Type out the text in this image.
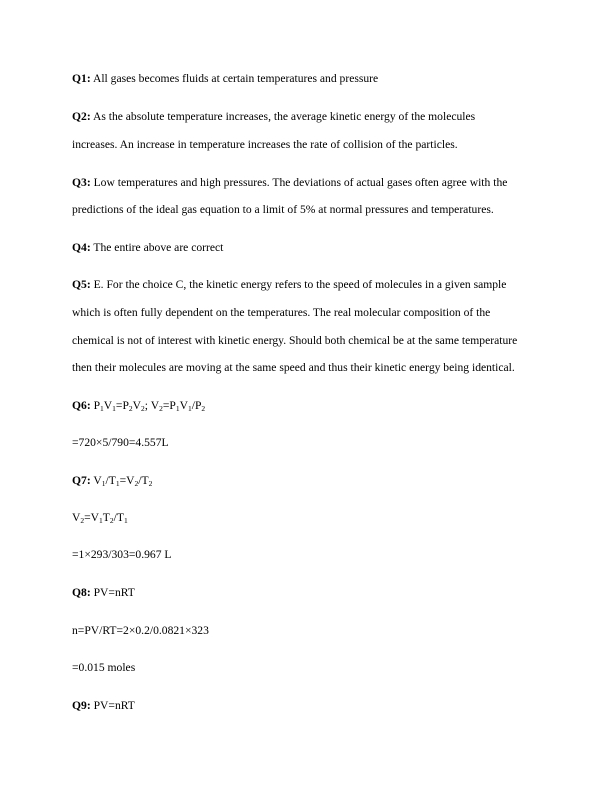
Q1: All gases becomes fluids at certain temperatures and pressure
Q2: As the absolute temperature increases, the average kinetic energy of the molecules
increases. An increase in temperature increases the rate of collision of the particles.
Q3: Low temperatures and high pressures. The deviations of actual gases often agree with the
predictions of the ideal gas equation to a limit of 5% at normal pressures and temperatures.
Q4: The entire above are correct
Q5: E. For the choice C, the kinetic energy refers to the speed of molecules in a given sample
which is often fully dependent on the temperatures. The real molecular composition of the
chemical is not of interest with kinetic energy. Should both chemical be at the same temperature
then their molecules are moving at the same speed and thus their kinetic energy being identical.
Q6: $P_1V_1=P_2V_2$; $V_2=P_1V_1/P_2$
=720×5/790=4.557L
Q7: $V_1/T_1=V_2/T_2$
$V_2=V_1T_2/T_1$
=1×293/303=0.967 L
Q8: PV=nRT
n=PV/RT=2×0.2/0.0821×323
=0.015 moles
Q9: PV=nRT
